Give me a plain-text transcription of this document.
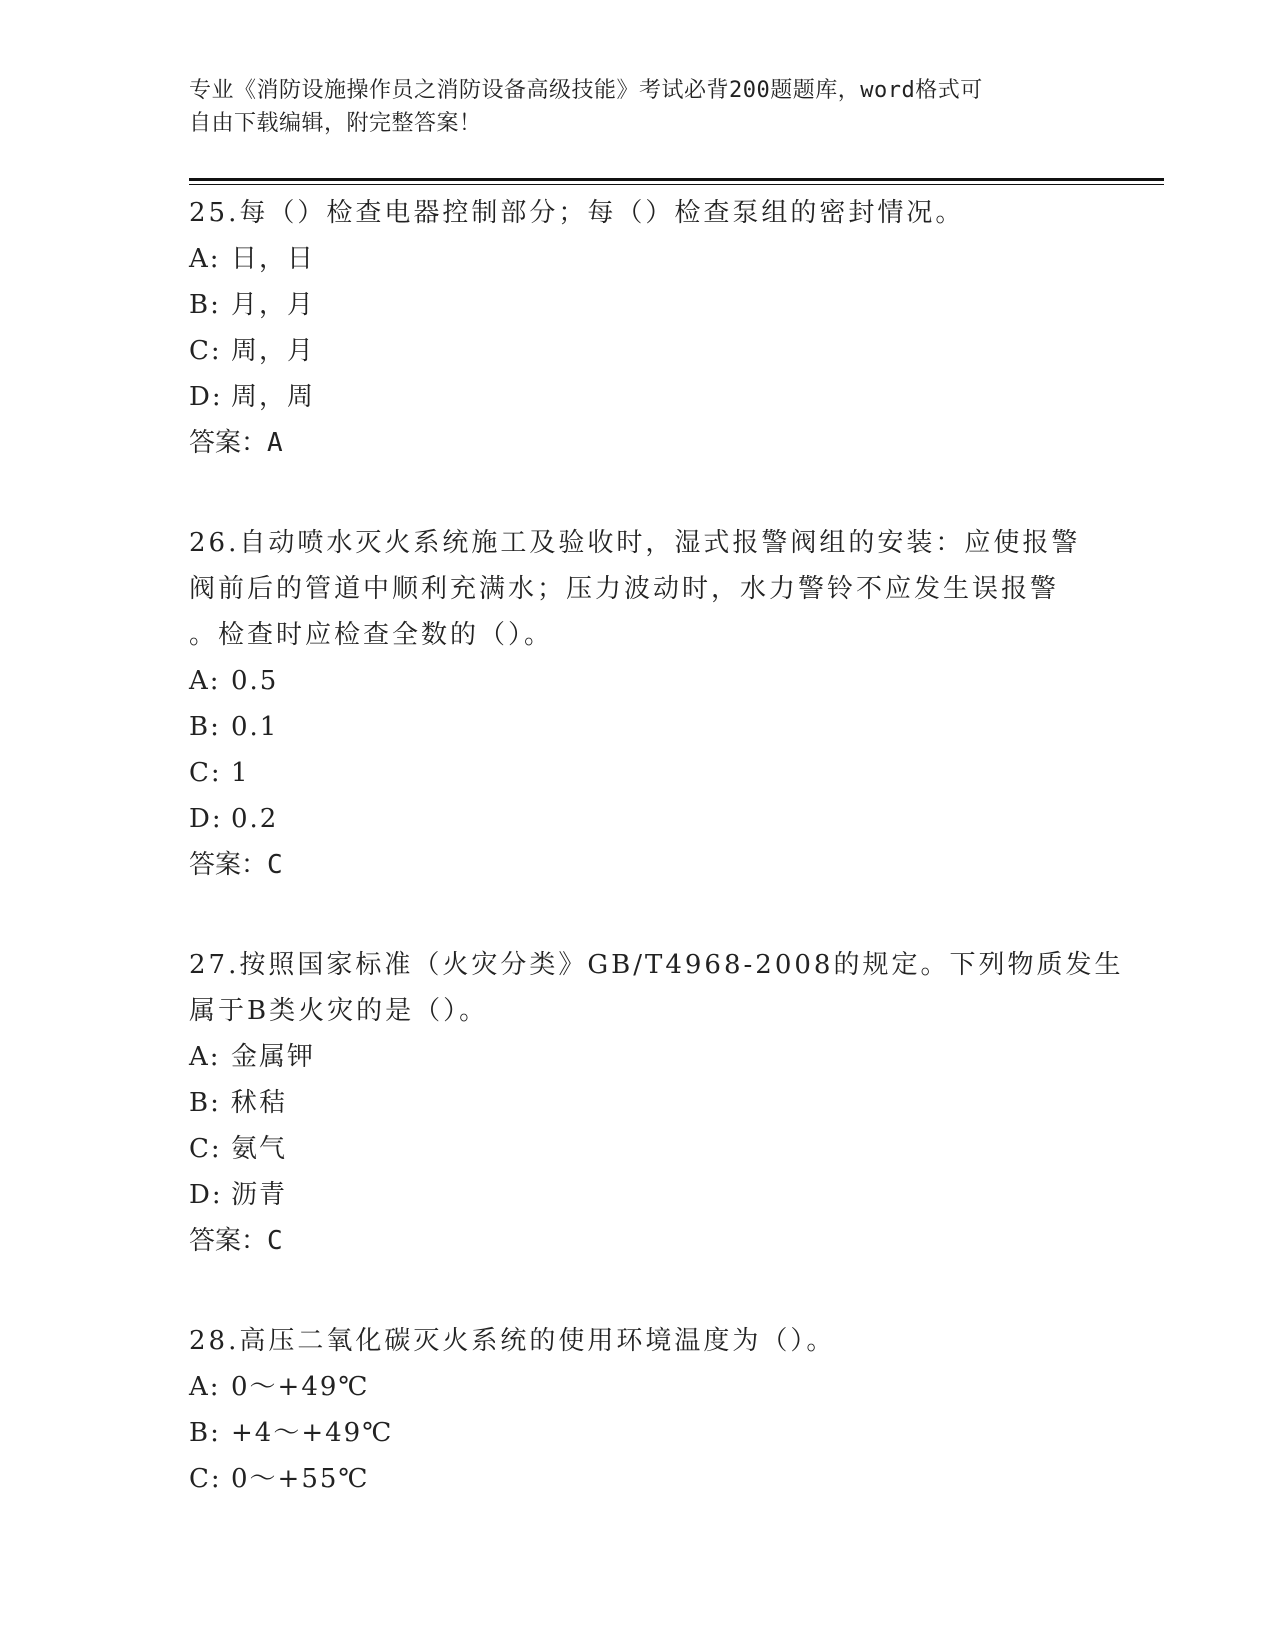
专业《消防设施操作员之消防设备高级技能》考试必背200题题库，word格式可
自由下载编辑，附完整答案！
25.每（）检查电器控制部分；每（）检查泵组的密封情况。
A: 日，日
B: 月，月
C: 周，月
D: 周，周
答案：A
26.自动喷水灭火系统施工及验收时，湿式报警阀组的安装：应使报警
阀前后的管道中顺利充满水；压力波动时，水力警铃不应发生误报警
。检查时应检查全数的（）。
A: 0.5
B: 0.1
C: 1
D: 0.2
答案：C
27.按照国家标准（火灾分类》GB/T4968-2008的规定。下列物质发生
属于B类火灾的是（）。
A: 金属钾
B: 秫秸
C: 氨气
D: 沥青
答案：C
28.高压二氧化碳灭火系统的使用环境温度为（）。
A: 0～+49℃
B: +4～+49℃
C: 0～+55℃
